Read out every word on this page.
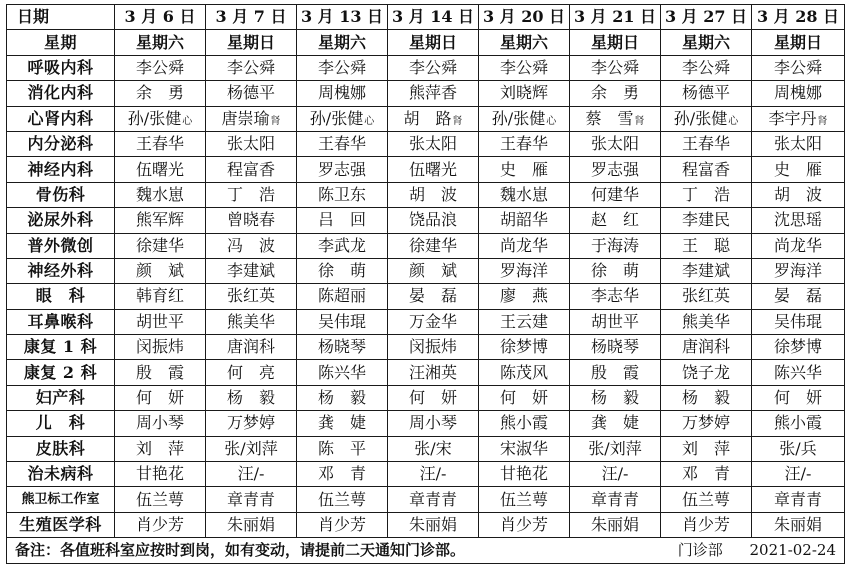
日期	3 月 6 日	3 月 7 日	3 月 13 日	3 月 14 日	3 月 20 日	3 月 21 日	3 月 27 日	3 月 28 日
星期	星期六	星期日	星期六	星期日	星期六	星期日	星期六	星期日
呼吸内科	李公舜	李公舜	李公舜	李公舜	李公舜	李公舜	李公舜	李公舜
消化内科	余　勇	杨德平	周槐娜	熊萍香	刘晓辉	余　勇	杨德平	周槐娜
心肾内科	孙/张健心	唐崇瑜肾	孙/张健心	胡　路肾	孙/张健心	蔡　雪肾	孙/张健心	李宇丹肾
内分泌科	王春华	张太阳	王春华	张太阳	王春华	张太阳	王春华	张太阳
神经内科	伍曙光	程富香	罗志强	伍曙光	史　雁	罗志强	程富香	史　雁
骨伤科	魏水崽	丁　浩	陈卫东	胡　波	魏水崽	何建华	丁　浩	胡　波
泌尿外科	熊军辉	曾晓春	吕　回	饶品浪	胡韶华	赵　红	李建民	沈思瑶
普外微创	徐建华	冯　波	李武龙	徐建华	尚龙华	于海涛	王　聪	尚龙华
神经外科	颜　斌	李建斌	徐　萌	颜　斌	罗海洋	徐　萌	李建斌	罗海洋
眼　科	韩育红	张红英	陈超丽	晏　磊	廖　燕	李志华	张红英	晏　磊
耳鼻喉科	胡世平	熊美华	吴伟琨	万金华	王云建	胡世平	熊美华	吴伟琨
康复 1 科	闵振炜	唐润科	杨晓琴	闵振炜	徐梦博	杨晓琴	唐润科	徐梦博
康复 2 科	殷　霞	何　亮	陈兴华	汪湘英	陈茂风	殷　霞	饶子龙	陈兴华
妇产科	何　妍	杨　毅	杨　毅	何　妍	何　妍	杨　毅	杨　毅	何　妍
儿　科	周小琴	万梦婷	龚　婕	周小琴	熊小霞	龚　婕	万梦婷	熊小霞
皮肤科	刘　萍	张/刘萍	陈　平	张/宋	宋淑华	张/刘萍	刘　萍	张/兵
治未病科	甘艳花	汪/-	邓　青	汪/-	甘艳花	汪/-	邓　青	汪/-
熊卫标工作室	伍兰萼	章青青	伍兰萼	章青青	伍兰萼	章青青	伍兰萼	章青青
生殖医学科	肖少芳	朱丽娟	肖少芳	朱丽娟	肖少芳	朱丽娟	肖少芳	朱丽娟

备注：各值班科室应按时到岗，如有变动，请提前二天通知门诊部。 门诊部 2021-02-24								
